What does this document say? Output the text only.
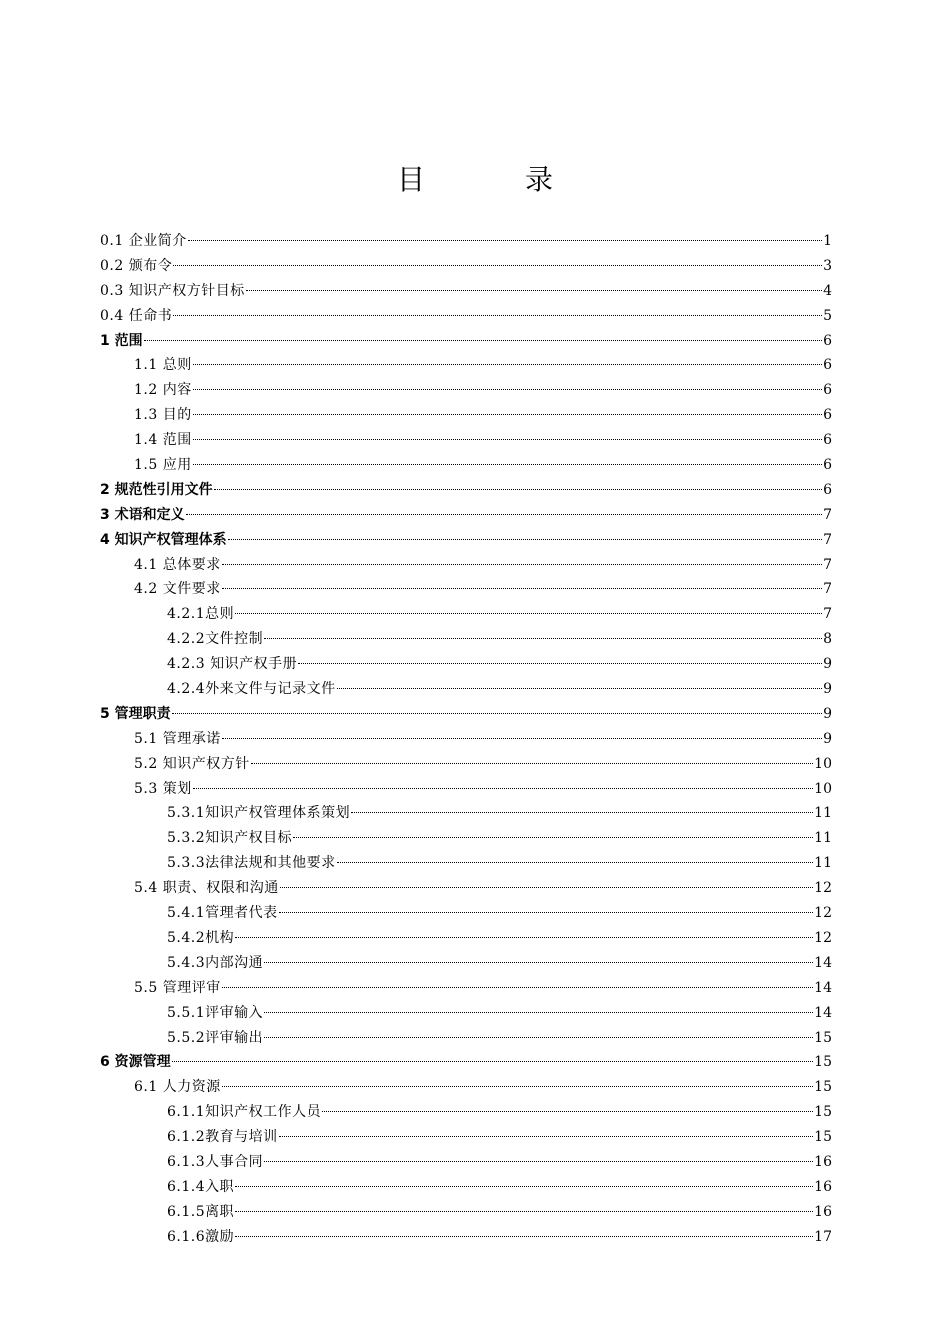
目　录
0.1 企业简介	1
0.2 颁布令	3
0.3 知识产权方针目标	4
0.4 任命书	5
1 范围	6
1.1 总则	6
1.2 内容	6
1.3 目的	6
1.4 范围	6
1.5 应用	6
2 规范性引用文件	6
3 术语和定义	7
4 知识产权管理体系	7
4.1 总体要求	7
4.2 文件要求	7
4.2.1总则	7
4.2.2文件控制	8
4.2.3 知识产权手册	9
4.2.4外来文件与记录文件	9
5 管理职责	9
5.1 管理承诺	9
5.2 知识产权方针	10
5.3 策划	10
5.3.1知识产权管理体系策划	11
5.3.2知识产权目标	11
5.3.3法律法规和其他要求	11
5.4 职责、权限和沟通	12
5.4.1管理者代表	12
5.4.2机构	12
5.4.3内部沟通	14
5.5 管理评审	14
5.5.1评审输入	14
5.5.2评审输出	15
6 资源管理	15
6.1 人力资源	15
6.1.1知识产权工作人员	15
6.1.2教育与培训	15
6.1.3人事合同	16
6.1.4入职	16
6.1.5离职	16
6.1.6激励	17
